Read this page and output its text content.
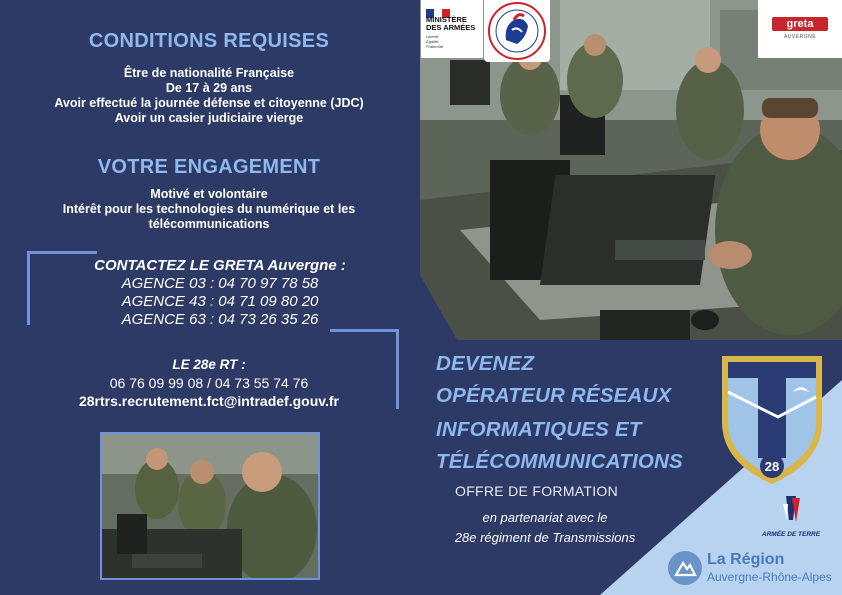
CONDITIONS REQUISES
Être de nationalité Française
De 17 à 29 ans
Avoir effectué la journée défense et citoyenne (JDC)
Avoir un casier judiciaire vierge
VOTRE ENGAGEMENT
Motivé et volontaire
Intérêt pour les technologies du numérique et les
télécommunications
CONTACTEZ LE GRETA Auvergne :
AGENCE 03 : 04 70 97 78 58
AGENCE 43 : 04 71 09 80 20
AGENCE 63 : 04 73 26 35 26
LE 28e RT :
06 76 09 99 08 / 04 73 55 74 76
28rtrs.recrutement.fct@intradef.gouv.fr
DEVENEZ
OPÉRATEUR RÉSEAUX
INFORMATIQUES ET
TÉLÉCOMMUNICATIONS
OFFRE DE FORMATION
en partenariat avec le
28e régiment de Transmissions
28
ARMÉE DE TERRE
La Région
Auvergne-Rhône-Alpes
MINISTÈRE
DES ARMÉES
Liberté
Égalité
Fraternité
greta
AUVERGNE
